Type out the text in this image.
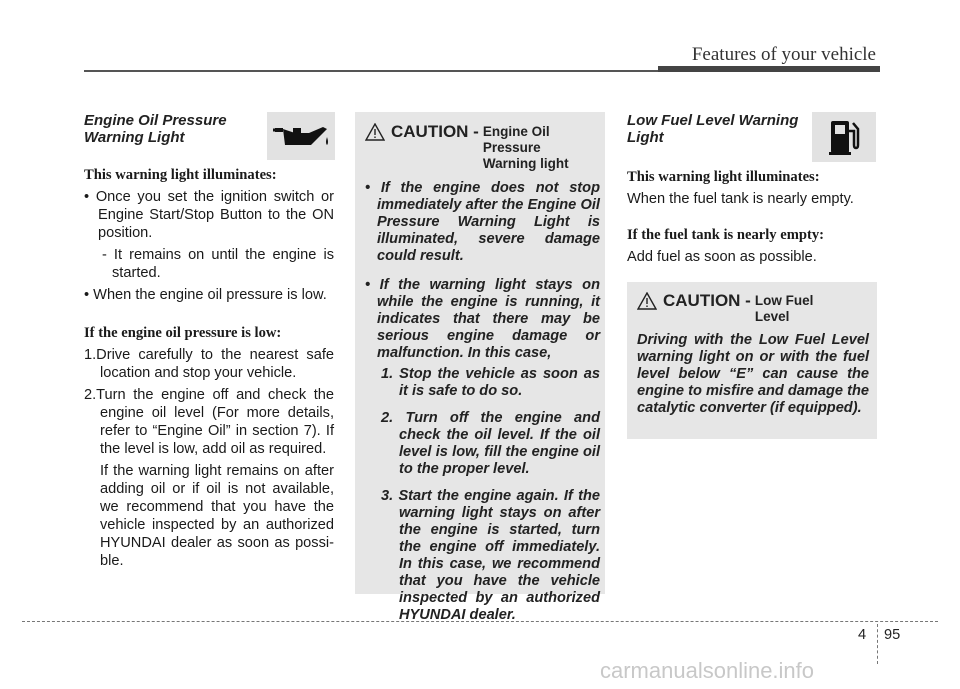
Features of your vehicle

Engine Oil Pressure

Warning Light

This warning light illuminates:

• Once you set the ignition switch or Engine Start/Stop Button to the ON position.

- It remains on until the engine is started.

• When the engine oil pressure is low.

If the engine oil pressure is low:

1.Drive carefully to the nearest safe location and stop your vehicle.

2.Turn the engine off and check the engine oil level (For more details, refer to “Engine Oil” in section 7). If the level is low, add oil as required.

If the warning light remains on after adding oil or if oil is not available, we recommend that you have the vehicle inspected by an authorized HYUNDAI dealer as soon as possi-ble.

CAUTION - Engine Oil
Pressure
Warning light

• If the engine does not stop immediately after the Engine Oil Pressure Warning Light is illuminated, severe damage could result.

• If the warning light stays on while the engine is running, it indicates that there may be serious engine damage or malfunction. In this case,

1. Stop the vehicle as soon as it is safe to do so.

2. Turn off the engine and check the oil level. If the oil level is low, fill the engine oil to the proper level.

3. Start the engine again. If the warning light stays on after the engine is started, turn the engine off immediately. In this case, we recommend that you have the vehicle inspected by an authorized HYUNDAI dealer.

Low Fuel Level Warning

Light

This warning light illuminates:

When the fuel tank is nearly empty.

If the fuel tank is nearly empty:

Add fuel as soon as possible.

CAUTION - Low Fuel
Level

Driving with the Low Fuel Level warning light on or with the fuel level below “E” can cause the engine to misfire and damage the catalytic converter (if equipped).

4 95
carmanualsonline.info
